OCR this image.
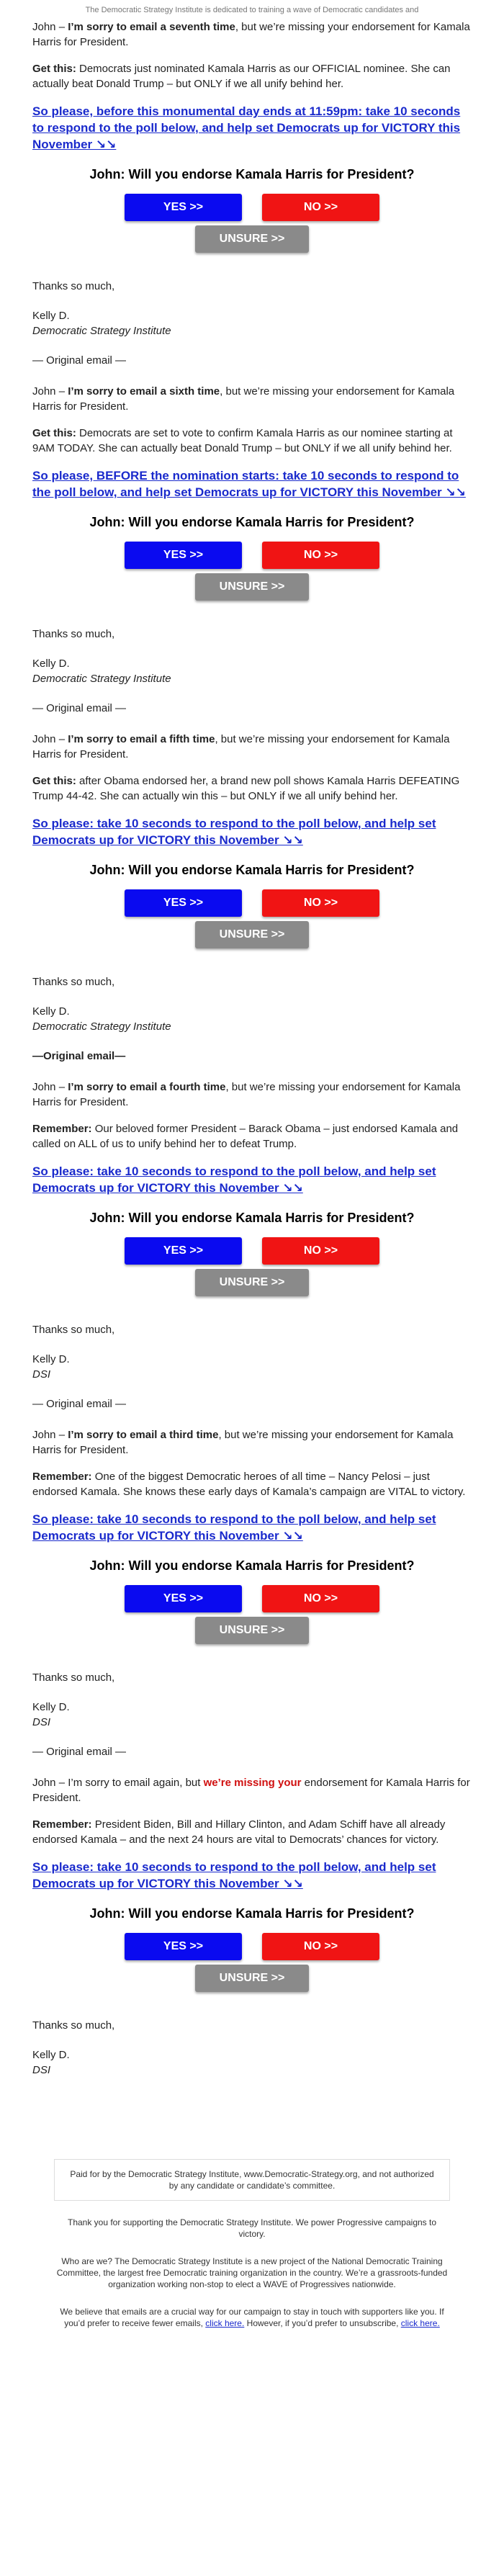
The Democratic Strategy Institute is dedicated to training a wave of Democratic candidates and

John – I’m sorry to email a seventh time, but we’re missing your endorsement for Kamala Harris for President.

Get this: Democrats just nominated Kamala Harris as our OFFICIAL nominee. She can actually beat Donald Trump – but ONLY if we all unify behind her.

So please, before this monumental day ends at 11:59pm: take 10 seconds to respond to the poll below, and help set Democrats up for VICTORY this November ↘↘

John: Will you endorse Kamala Harris for President?
YES >>	NO >>
UNSURE >>

Thanks so much,

Kelly D.

Democratic Strategy Institute

— Original email —

John – I’m sorry to email a sixth time, but we’re missing your endorsement for Kamala Harris for President.

Get this: Democrats are set to vote to confirm Kamala Harris as our nominee starting at 9AM TODAY. She can actually beat Donald Trump – but ONLY if we all unify behind her.

So please, BEFORE the nomination starts: take 10 seconds to respond to the poll below, and help set Democrats up for VICTORY this November ↘↘

John: Will you endorse Kamala Harris for President?
YES >>	NO >>
UNSURE >>

Thanks so much,

Kelly D.

Democratic Strategy Institute

— Original email —

John – I’m sorry to email a fifth time, but we’re missing your endorsement for Kamala Harris for President.

Get this: after Obama endorsed her, a brand new poll shows Kamala Harris DEFEATING Trump 44-42. She can actually win this – but ONLY if we all unify behind her.

So please: take 10 seconds to respond to the poll below, and help set Democrats up for VICTORY this November ↘↘

John: Will you endorse Kamala Harris for President?
YES >>	NO >>
UNSURE >>

Thanks so much,

Kelly D.

Democratic Strategy Institute

—Original email—

John – I’m sorry to email a fourth time, but we’re missing your endorsement for Kamala Harris for President.

Remember: Our beloved former President – Barack Obama – just endorsed Kamala and called on ALL of us to unify behind her to defeat Trump.

So please: take 10 seconds to respond to the poll below, and help set Democrats up for VICTORY this November ↘↘

John: Will you endorse Kamala Harris for President?
YES >>	NO >>
UNSURE >>

Thanks so much,

Kelly D.

DSI

— Original email —

John – I’m sorry to email a third time, but we’re missing your endorsement for Kamala Harris for President.

Remember: One of the biggest Democratic heroes of all time – Nancy Pelosi – just endorsed Kamala. She knows these early days of Kamala’s campaign are VITAL to victory.

So please: take 10 seconds to respond to the poll below, and help set Democrats up for VICTORY this November ↘↘

John: Will you endorse Kamala Harris for President?
YES >>	NO >>
UNSURE >>

Thanks so much,

Kelly D.

DSI

— Original email —

John – I’m sorry to email again, but we’re missing your endorsement for Kamala Harris for President.

Remember: President Biden, Bill and Hillary Clinton, and Adam Schiff have all already endorsed Kamala – and the next 24 hours are vital to Democrats’ chances for victory.

So please: take 10 seconds to respond to the poll below, and help set Democrats up for VICTORY this November ↘↘

John: Will you endorse Kamala Harris for President?
YES >>	NO >>
UNSURE >>

Thanks so much,

Kelly D.

DSI

Paid for by the Democratic Strategy Institute, www.Democratic-Strategy.org, and not authorized by any candidate or candidate’s committee.

Thank you for supporting the Democratic Strategy Institute. We power Progressive campaigns to victory.

Who are we? The Democratic Strategy Institute is a new project of the National Democratic Training Committee, the largest free Democratic training organization in the country. We’re a grassroots-funded organization working non-stop to elect a WAVE of Progressives nationwide.

We believe that emails are a crucial way for our campaign to stay in touch with supporters like you. If you’d prefer to receive fewer emails, click here. However, if you’d prefer to unsubscribe, click here.
